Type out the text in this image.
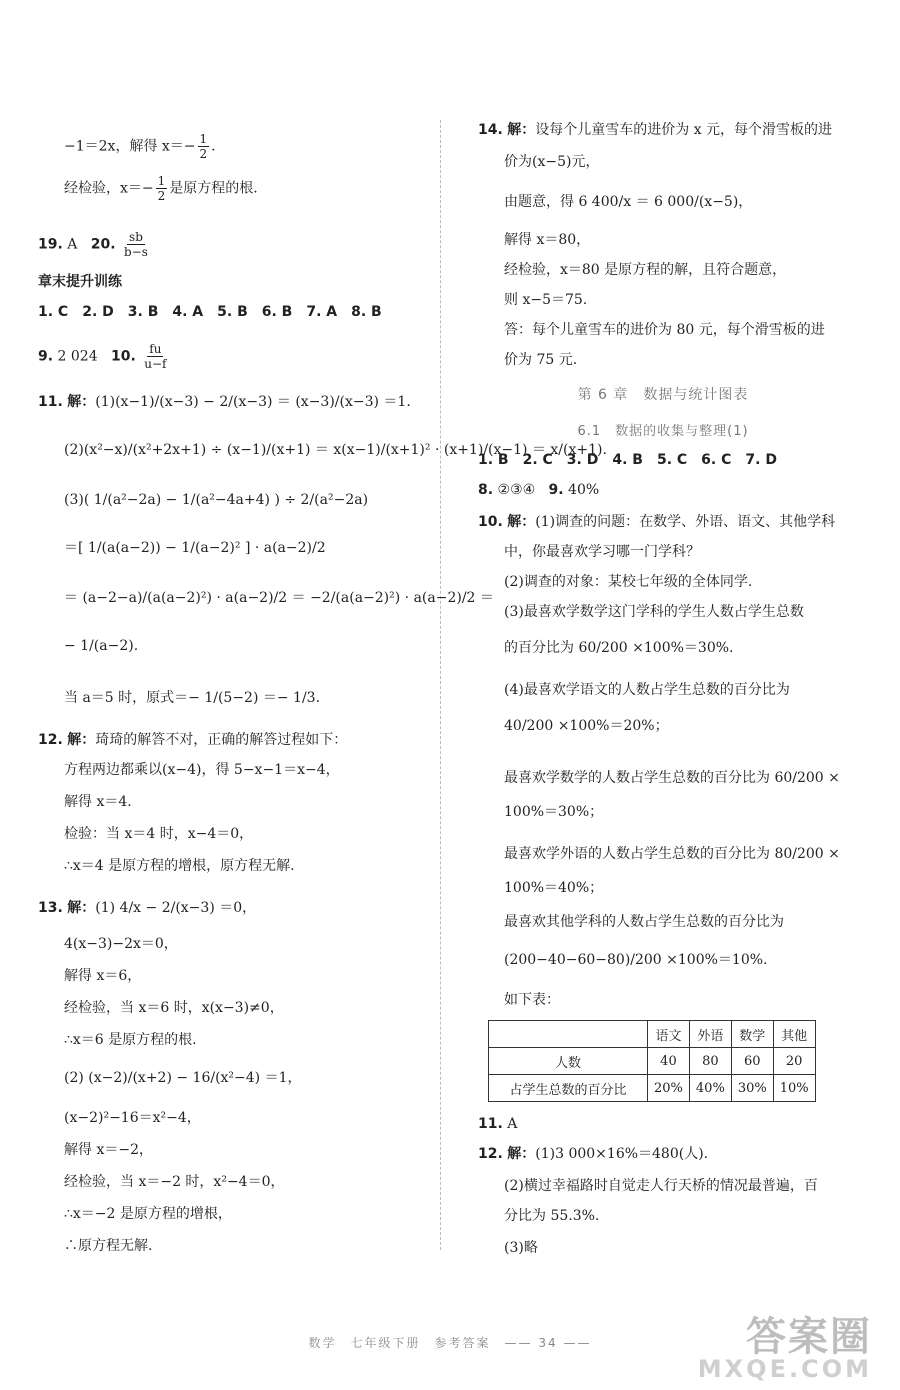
−1＝2x，解得 $x=- \frac{1}{2}$ .
经检验，$x=- \frac{1}{2}$ 是原方程的根.
19. A 20. $\frac{sb}{b-s}$
章末提升训练
1. C　2. D　3. B　4. A　5. B　6. B　7. A　8. B
9. 2 024 10. $\frac{fu}{u-f}$
11. 解：(1)(x−1)/(x−3) − 2/(x−3) ＝ (x−3)/(x−3) ＝1.
(2)(x²−x)/(x²+2x+1) ÷ (x−1)/(x+1) ＝ x(x−1)/(x+1)² · (x+1)/(x−1) ＝ x/(x+1).
(3)( 1/(a²−2a) − 1/(a²−4a+4) ) ÷ 2/(a²−2a)
＝[ 1/(a(a−2)) − 1/(a−2)² ] · a(a−2)/2
＝ (a−2−a)/(a(a−2)²) · a(a−2)/2 ＝ −2/(a(a−2)²) · a(a−2)/2 ＝
− 1/(a−2).
当 a＝5 时，原式＝− 1/(5−2) ＝− 1/3.
12. 解：琦琦的解答不对，正确的解答过程如下：
方程两边都乘以(x−4)，得 5−x−1＝x−4，
解得 x＝4.
检验：当 x＝4 时，x−4＝0，
∴x＝4 是原方程的增根，原方程无解.
13. 解：(1) 4/x − 2/(x−3) ＝0，
4(x−3)−2x＝0，
解得 x＝6，
经检验，当 x＝6 时，x(x−3)≠0，
∴x＝6 是原方程的根.
(2) (x−2)/(x+2) − 16/(x²−4) ＝1，
(x−2)²−16＝x²−4，
解得 x＝−2，
经检验，当 x＝−2 时，x²−4＝0，
∴x＝−2 是原方程的增根，
∴原方程无解.
14. 解：设每个儿童雪车的进价为 x 元，每个滑雪板的进
价为(x−5)元，
由题意，得 6 400/x ＝ 6 000/(x−5)，
解得 x＝80，
经检验，x＝80 是原方程的解，且符合题意，
则 x−5＝75.
答：每个儿童雪车的进价为 80 元，每个滑雪板的进
价为 75 元.
第 6 章　数据与统计图表
6.1　数据的收集与整理(1)
1. B　2. C　3. D　4. B　5. C　6. C　7. D
8. ②③④ 9. 40%
10. 解：(1)调查的问题：在数学、外语、语文、其他学科
中，你最喜欢学习哪一门学科？
(2)调查的对象：某校七年级的全体同学.
(3)最喜欢学数学这门学科的学生人数占学生总数
的百分比为 60/200 ×100%＝30%.
(4)最喜欢学语文的人数占学生总数的百分比为
40/200 ×100%＝20%；
最喜欢学数学的人数占学生总数的百分比为 60/200 ×
100%＝30%；
最喜欢学外语的人数占学生总数的百分比为 80/200 ×
100%＝40%；
最喜欢其他学科的人数占学生总数的百分比为
(200−40−60−80)/200 ×100%＝10%.
如下表：
	语文	外语	数学	其他
人数	40	80	60	20
占学生总数的百分比	20%	40%	30%	10%
11. A
12. 解：(1)3 000×16%＝480(人).
(2)横过幸福路时自觉走人行天桥的情况最普遍，百
分比为 55.3%.
(3)略
数学　七年级下册　参考答案　—— 34 ——	答案圈
MXQE.COM
